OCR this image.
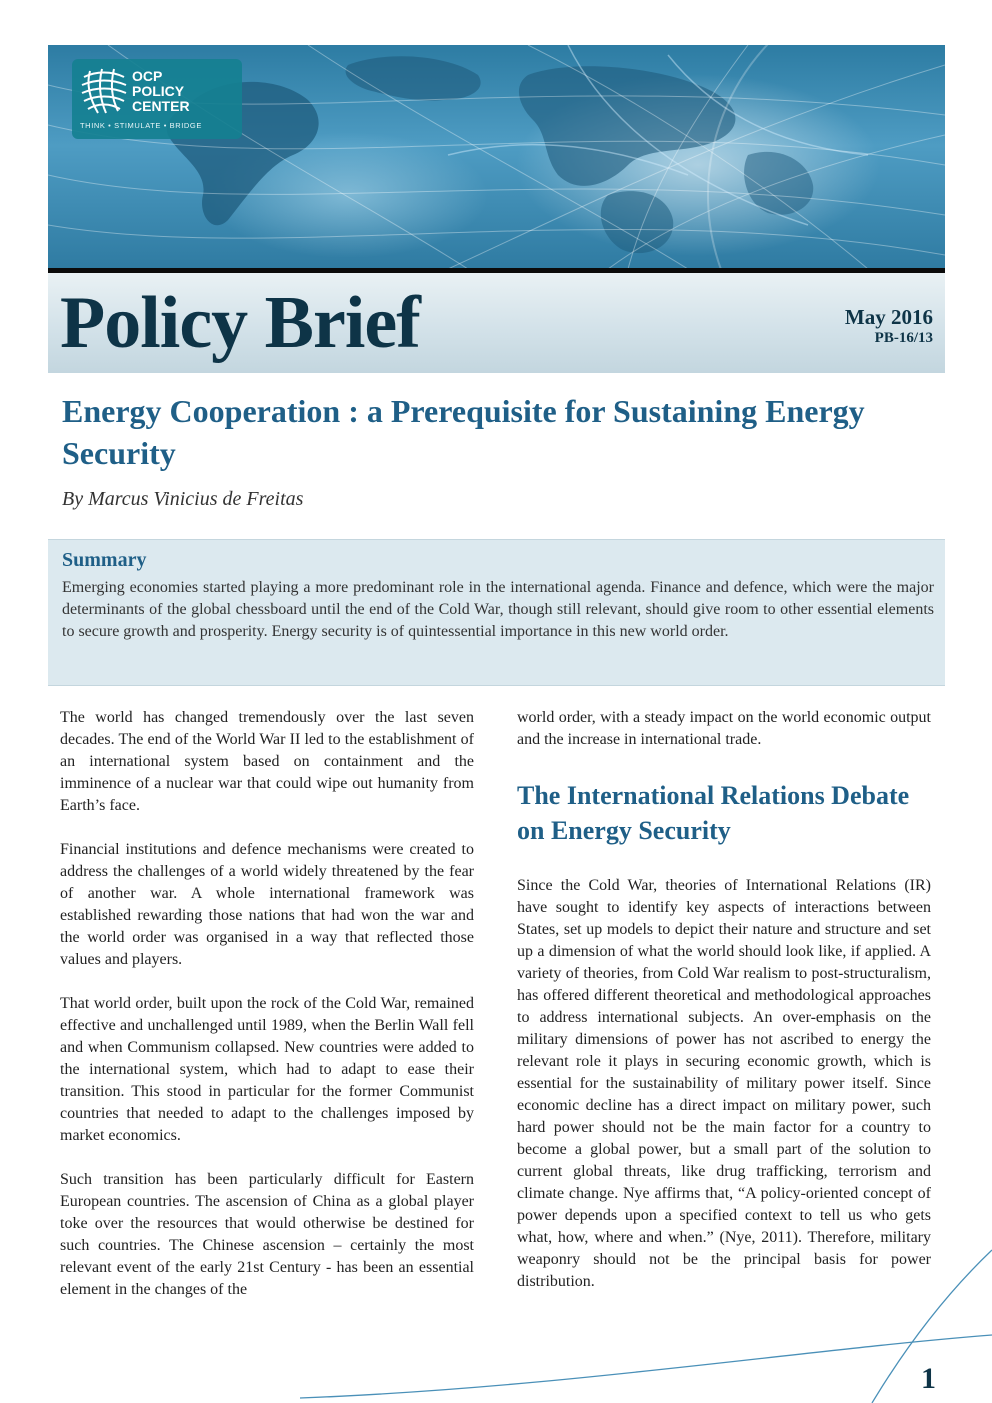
OCP
POLICY
CENTER
THINK • STIMULATE • BRIDGE
Policy Brief	May 2016
PB-16/13
Energy Cooperation : a Prerequisite for Sustaining Energy Security
By Marcus Vinicius de Freitas
Summary
Emerging economies started playing a more predominant role in the international agenda. Finance and defence, which were the major determinants of the global chessboard until the end of the Cold War, though still relevant, should give room to other essential elements to secure growth and prosperity. Energy security is of quintessential importance in this new world order.

The world has changed tremendously over the last seven decades. The end of the World War II led to the establishment of an international system based on containment and the imminence of a nuclear war that could wipe out humanity from Earth’s face.

Financial institutions and defence mechanisms were created to address the challenges of a world widely threatened by the fear of another war. A whole international framework was established rewarding those nations that had won the war and the world order was organised in a way that reflected those values and players.

That world order, built upon the rock of the Cold War, remained effective and unchallenged until 1989, when the Berlin Wall fell and when Communism collapsed. New countries were added to the international system, which had to adapt to ease their transition. This stood in particular for the former Communist countries that needed to adapt to the challenges imposed by market economics.

Such transition has been particularly difficult for Eastern European countries. The ascension of China as a global player toke over the resources that would otherwise be destined for such countries. The Chinese ascension – certainly the most relevant event of the early 21st Century - has been an essential element in the changes of the

world order, with a steady impact on the world economic output and the increase in international trade.

The International Relations Debate on Energy Security

Since the Cold War, theories of International Relations (IR) have sought to identify key aspects of interactions between States, set up models to depict their nature and structure and set up a dimension of what the world should look like, if applied. A variety of theories, from Cold War realism to post-structuralism, has offered different theoretical and methodological approaches to address international subjects. An over-emphasis on the military dimensions of power has not ascribed to energy the relevant role it plays in securing economic growth, which is essential for the sustainability of military power itself. Since economic decline has a direct impact on military power, such hard power should not be the main factor for a country to become a global power, but a small part of the solution to current global threats, like drug trafficking, terrorism and climate change. Nye affirms that, “A policy-oriented concept of power depends upon a specified context to tell us who gets what, how, where and when.” (Nye, 2011). Therefore, military weaponry should not be the principal basis for power distribution.

1
